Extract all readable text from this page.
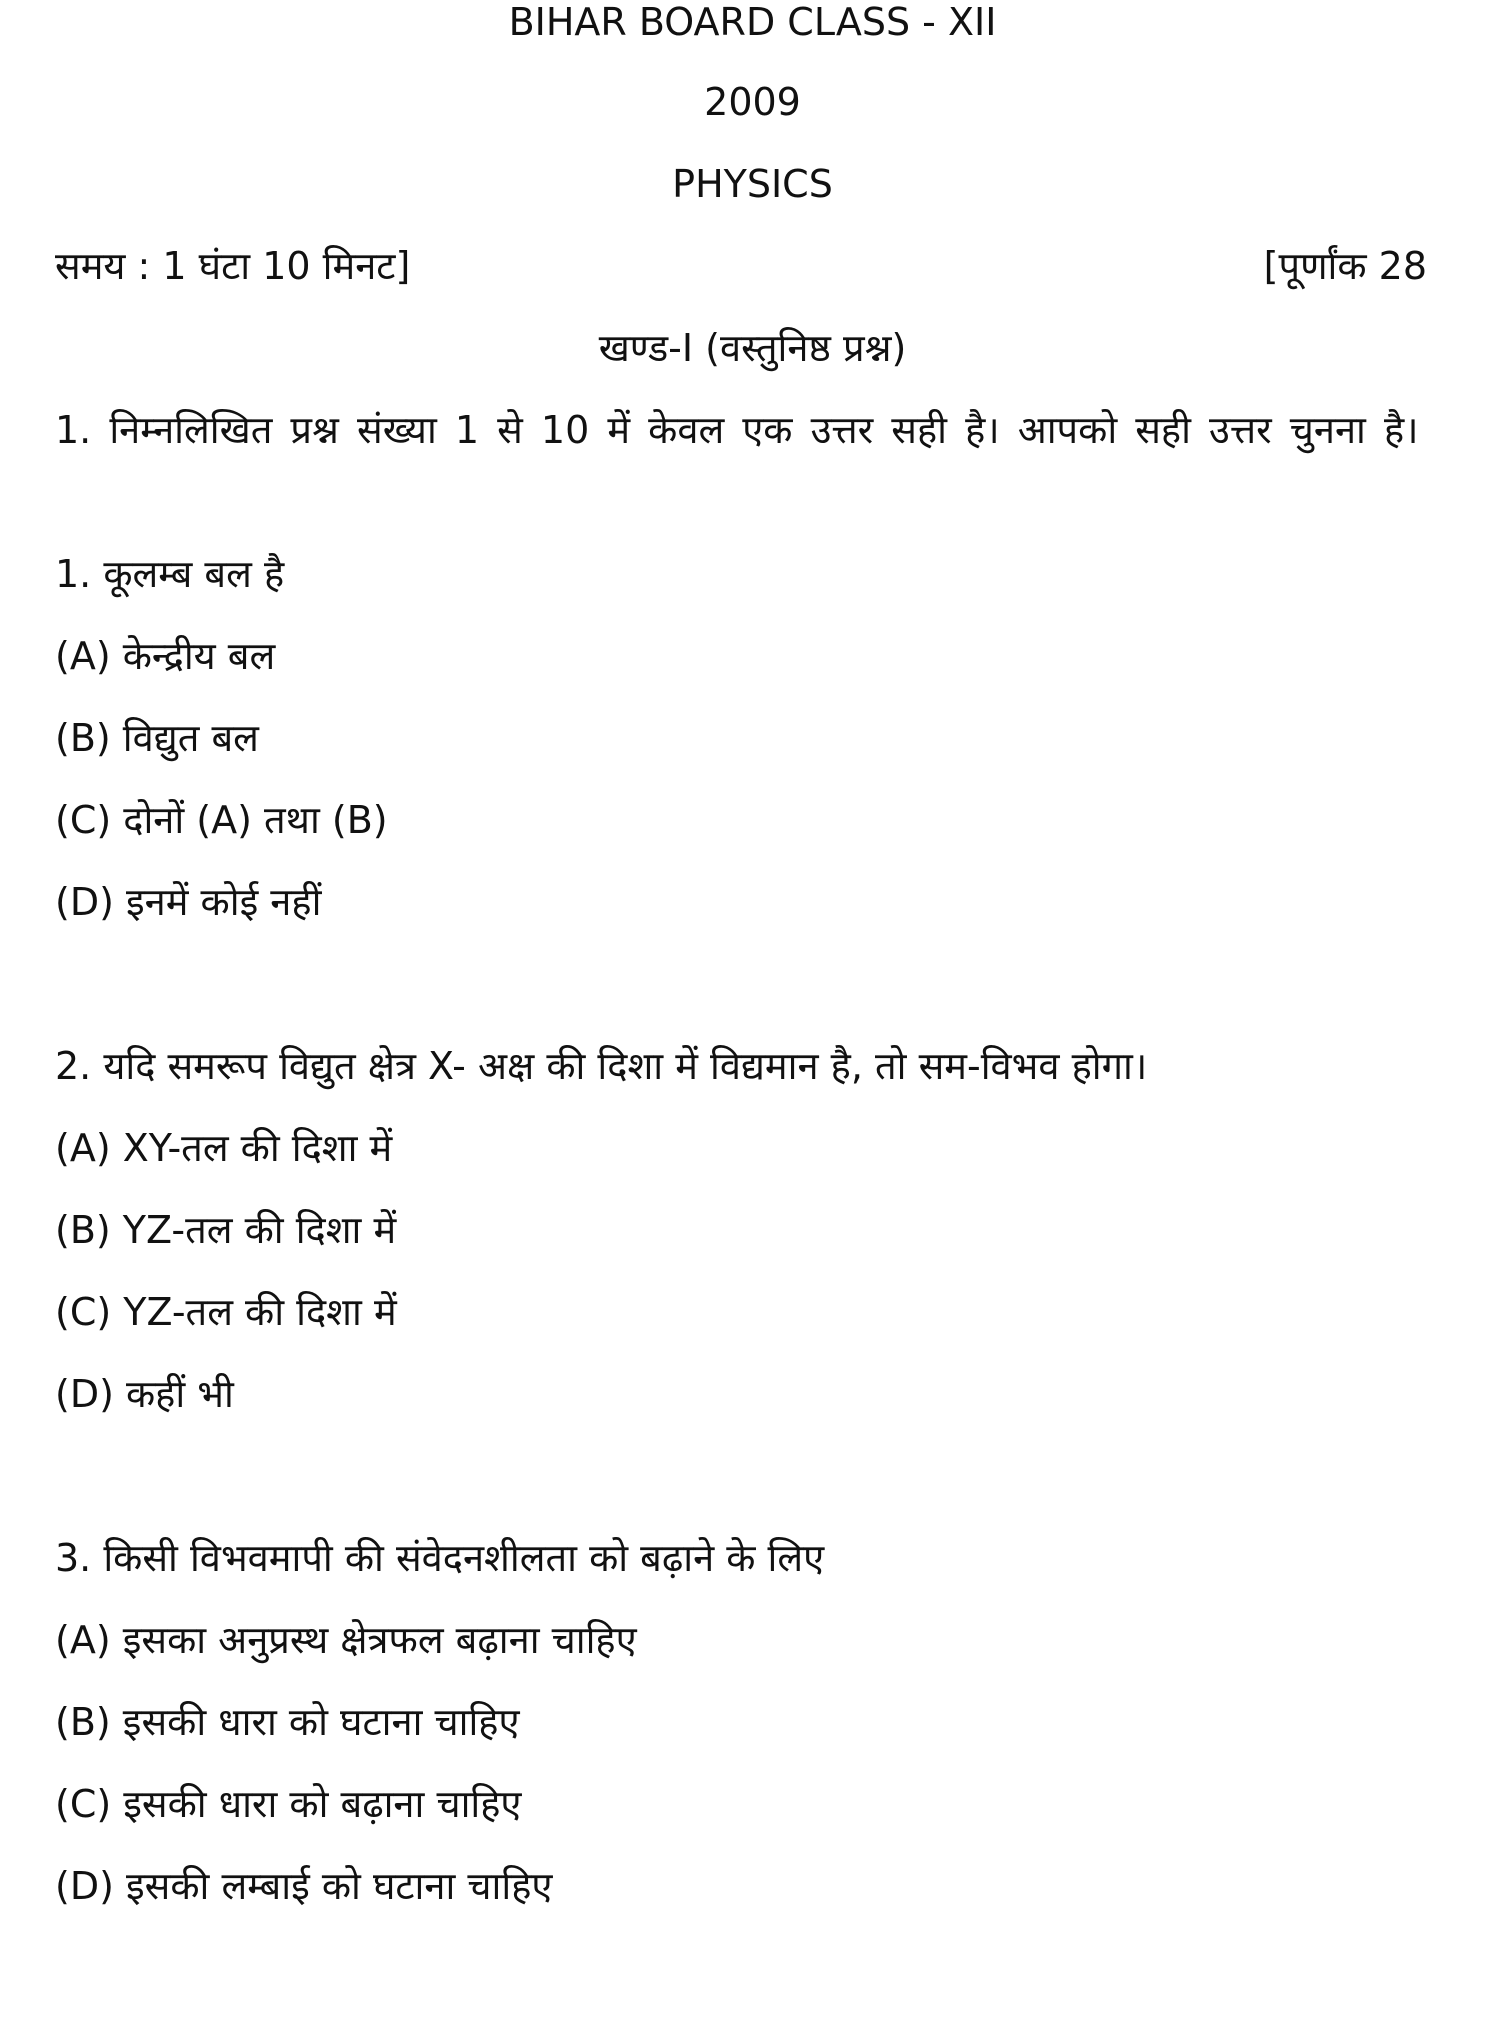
BIHAR BOARD CLASS - XII
2009
PHYSICS
समय : 1 घंटा 10 मिनट]	[पूर्णांक 28
खण्ड-I (वस्तुनिष्ठ प्रश्न)
1. निम्नलिखित प्रश्न संख्या 1 से 10 में केवल एक उत्तर सही है। आपको सही उत्तर चुनना है।
1. कूलम्ब बल है
(A) केन्द्रीय बल
(B) विद्युत बल
(C) दोनों (A) तथा (B)
(D) इनमें कोई नहीं
2. यदि समरूप विद्युत क्षेत्र X- अक्ष की दिशा में विद्यमान है, तो सम-विभव होगा।
(A) XY-तल की दिशा में
(B) YZ-तल की दिशा में
(C) YZ-तल की दिशा में
(D) कहीं भी
3. किसी विभवमापी की संवेदनशीलता को बढ़ाने के लिए
(A) इसका अनुप्रस्थ क्षेत्रफल बढ़ाना चाहिए
(B) इसकी धारा को घटाना चाहिए
(C) इसकी धारा को बढ़ाना चाहिए
(D) इसकी लम्बाई को घटाना चाहिए
